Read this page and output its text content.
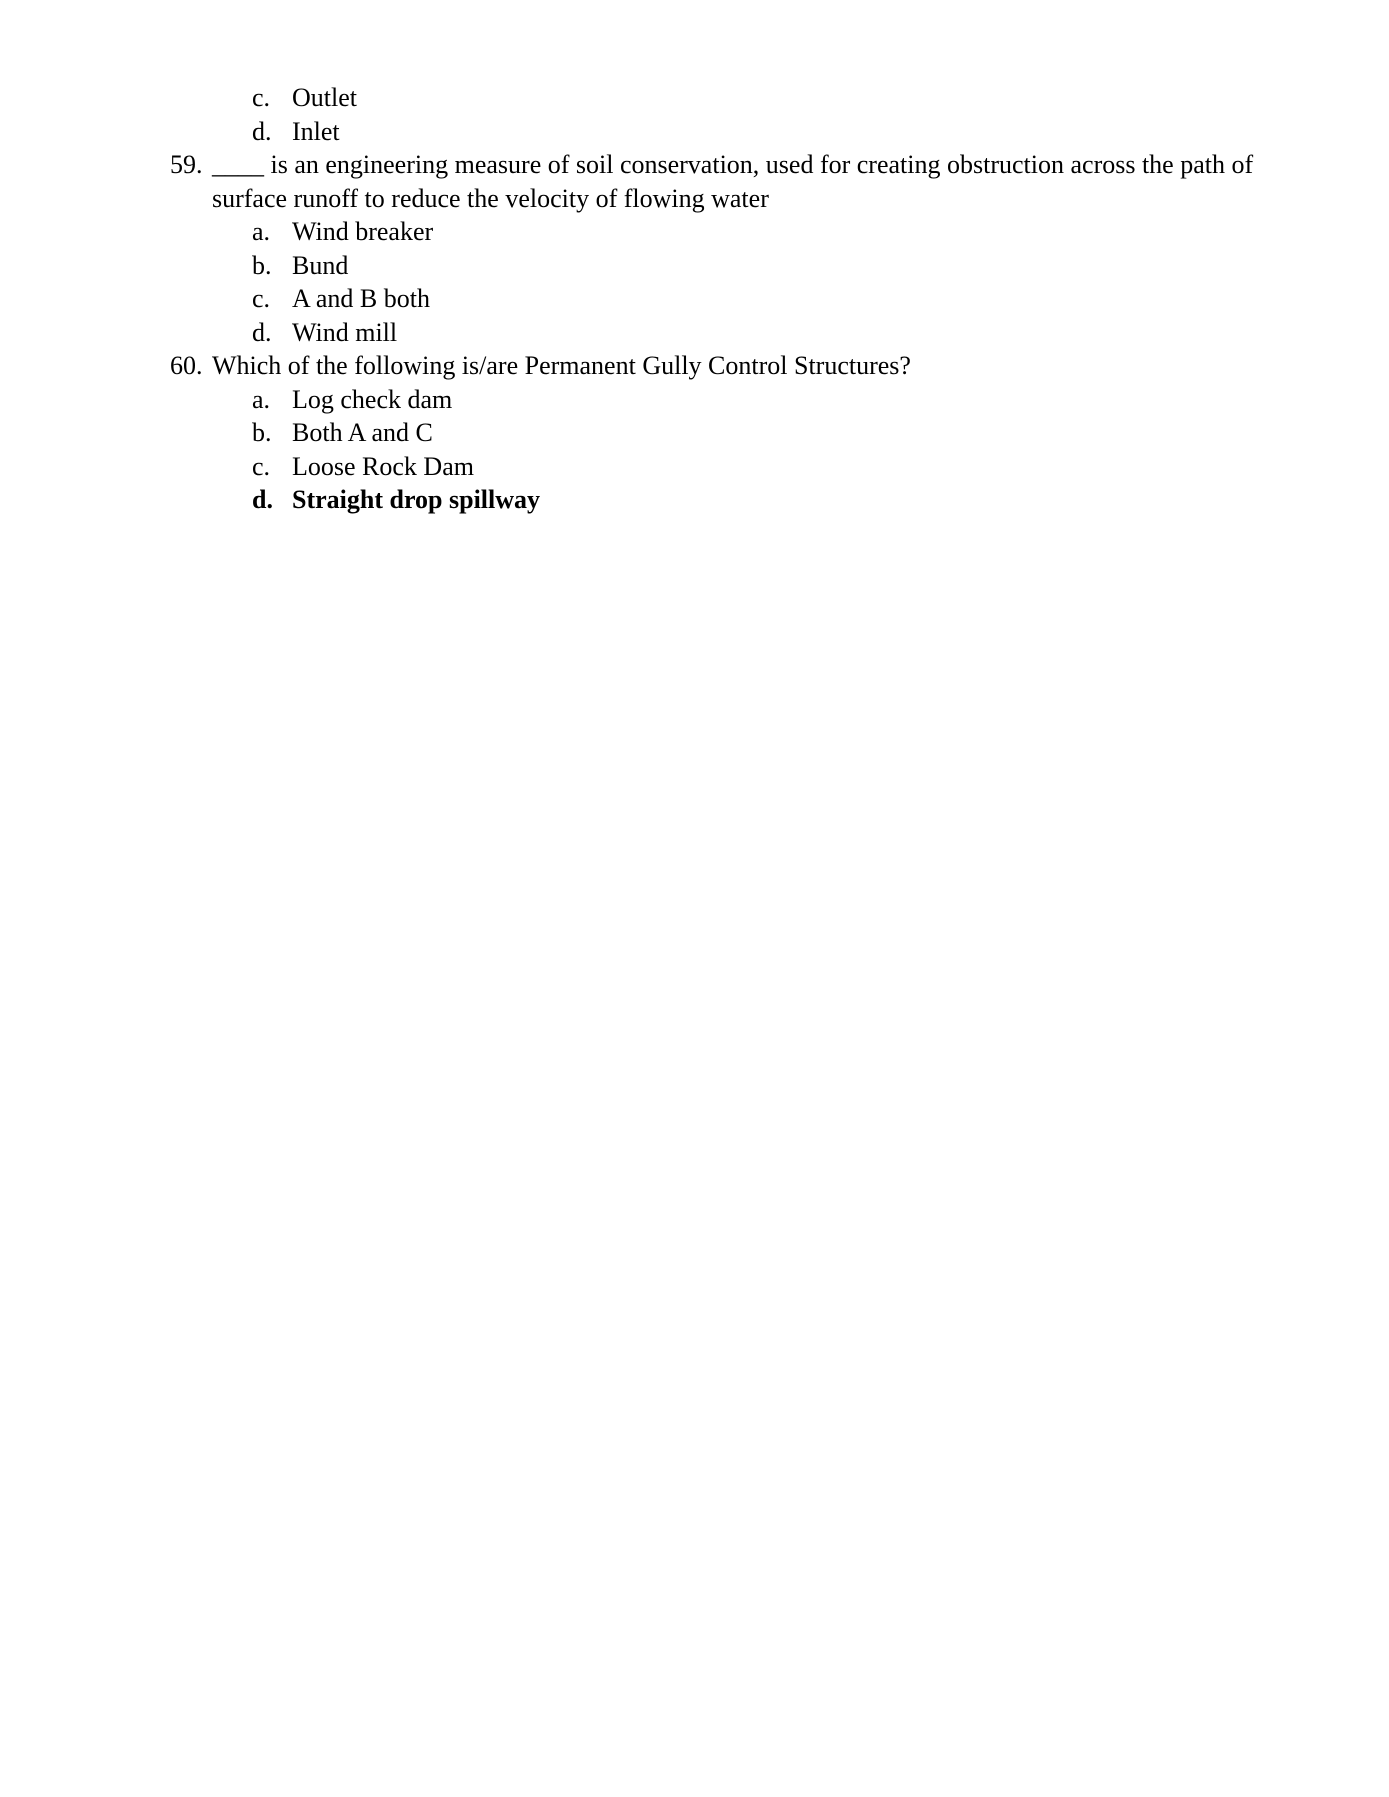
c. Outlet
d. Inlet
59. ____ is an engineering measure of soil conservation, used for creating obstruction across the path of surface runoff to reduce the velocity of flowing water
a. Wind breaker
b. Bund
c. A and B both
d. Wind mill
60. Which of the following is/are Permanent Gully Control Structures?
a. Log check dam
b. Both A and C
c. Loose Rock Dam
d. Straight drop spillway
